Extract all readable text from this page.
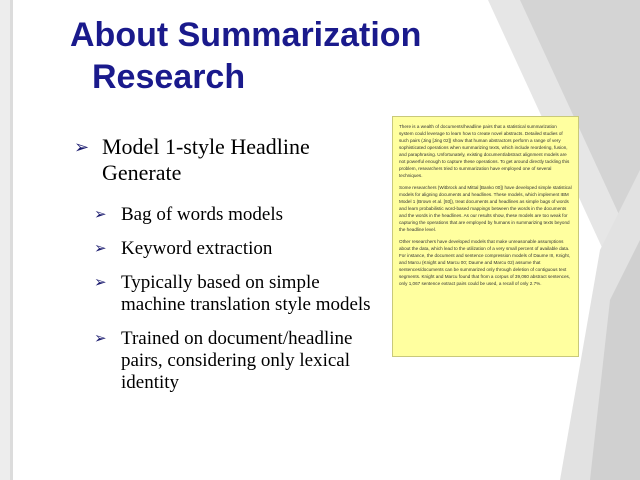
About Summarization
Research
➢ Model 1-style Headline Generate
➢ Bag of words models
➢ Keyword extraction
➢ Typically based on simple machine translation style models
➢ Trained on document/headline pairs, considering only lexical identity

There is a wealth of documents/headline pairs that a statistical summarization system could leverage to learn how to create novel abstracts. Detailed studies of such pairs (Jing [Jing 02]) show that human abstractors perform a range of very sophisticated operations when summarizing texts, which include reordering, fusion, and paraphrasing. Unfortunately, existing document/abstract alignment models are not powerful enough to capture these operations. To get around directly tackling this problem, researchers tried to summarization have employed one of several techniques.

Some researchers (Witbrock and Mittal [Banko 00]) have developed simple statistical models for aligning documents and headlines. These models, which implement IBM Model 1 (Brown et al. [93]), treat documents and headlines as simple bags of words and learn probabilistic word-based mappings between the words in the documents and the words in the headlines. As our results show, these models are too weak for capturing the operations that are employed by humans in summarizing texts beyond the headline level.

Other researchers have developed models that make unreasonable assumptions about the data, which lead to the utilization of a very small percent of available data. For instance, the document and sentence compression models of Daume III, Knight, and Marcu (Knight and Marcu 00; Daume and Marcu 02) assume that sentences/documents can be summarized only through deletion of contiguous text segments. Knight and Marcu found that from a corpus of 39,060 abstract sentences, only 1,067 sentence extract pairs could be used, a recall of only 2.7%.
